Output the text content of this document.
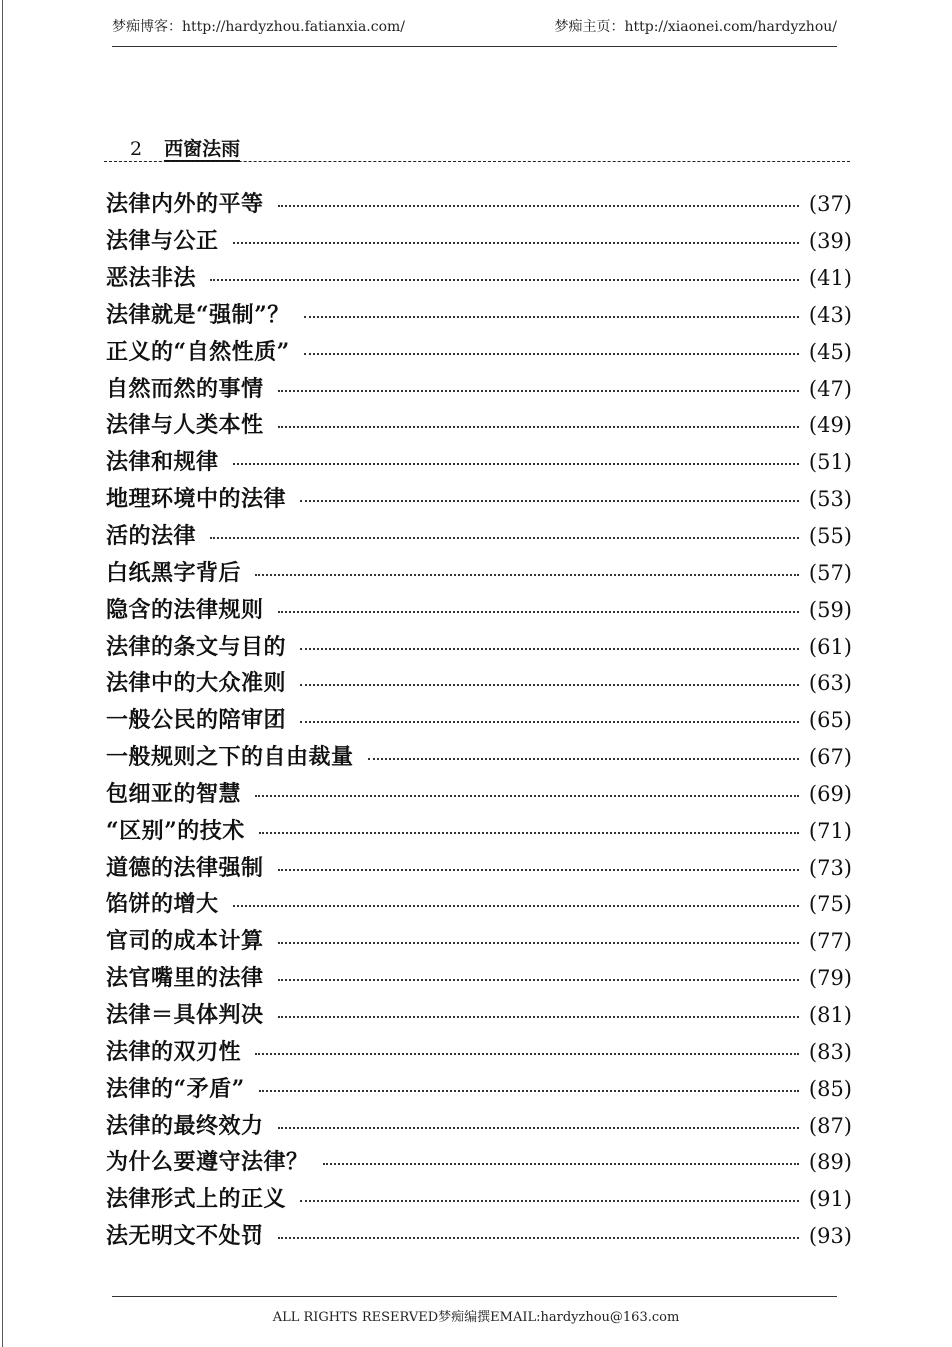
梦痴博客：http://hardyzhou.fatianxia.com/	梦痴主页：http://xiaonei.com/hardyzhou/
2 西窗法雨
法律内外的平等	(37)
法律与公正	(39)
恶法非法	(41)
法律就是“强制”？	(43)
正义的“自然性质”	(45)
自然而然的事情	(47)
法律与人类本性	(49)
法律和规律	(51)
地理环境中的法律	(53)
活的法律	(55)
白纸黑字背后	(57)
隐含的法律规则	(59)
法律的条文与目的	(61)
法律中的大众准则	(63)
一般公民的陪审团	(65)
一般规则之下的自由裁量	(67)
包细亚的智慧	(69)
“区别”的技术	(71)
道德的法律强制	(73)
馅饼的增大	(75)
官司的成本计算	(77)
法官嘴里的法律	(79)
法律＝具体判决	(81)
法律的双刃性	(83)
法律的“矛盾”	(85)
法律的最终效力	(87)
为什么要遵守法律？	(89)
法律形式上的正义	(91)
法无明文不处罚	(93)
ALL RIGHTS RESERVED梦痴编撰EMAIL:hardyzhou@163.com
